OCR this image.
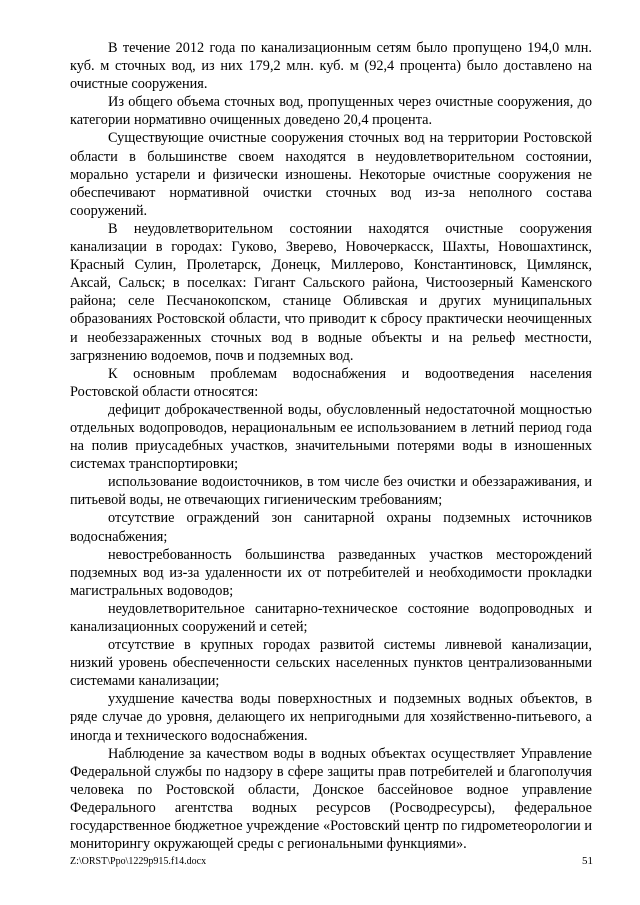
В течение 2012 года по канализационным сетям было пропущено 194,0 млн. куб. м сточных вод, из них 179,2 млн. куб. м (92,4 процента) было доставлено на очистные сооружения.

Из общего объема сточных вод, пропущенных через очистные сооружения, до категории нормативно очищенных доведено 20,4 процента.

Существующие очистные сооружения сточных вод на территории Ростовской области в большинстве своем находятся в неудовлетворительном состоянии, морально устарели и физически изношены. Некоторые очистные сооружения не обеспечивают нормативной очистки сточных вод из-за неполного состава сооружений.

В неудовлетворительном состоянии находятся очистные сооружения канализации в городах: Гуково, Зверево, Новочеркасск, Шахты, Новошахтинск, Красный Сулин, Пролетарск, Донецк, Миллерово, Константиновск, Цимлянск, Аксай, Сальск; в поселках: Гигант Сальского района, Чистоозерный Каменского района; селе Песчанокопском, станице Обливская и других муниципальных образованиях Ростовской области, что приводит к сбросу практически неочищенных и необеззараженных сточных вод в водные объекты и на рельеф местности, загрязнению водоемов, почв и подземных вод.

К основным проблемам водоснабжения и водоотведения населения Ростовской области относятся:

дефицит доброкачественной воды, обусловленный недостаточной мощностью отдельных водопроводов, нерациональным ее использованием в летний период года на полив приусадебных участков, значительными потерями воды в изношенных системах транспортировки;

использование водоисточников, в том числе без очистки и обеззараживания, и питьевой воды, не отвечающих гигиеническим требованиям;

отсутствие ограждений зон санитарной охраны подземных источников водоснабжения;

невостребованность большинства разведанных участков месторождений подземных вод из-за удаленности их от потребителей и необходимости прокладки магистральных водоводов;

неудовлетворительное санитарно-техническое состояние водопроводных и канализационных сооружений и сетей;

отсутствие в крупных городах развитой системы ливневой канализации, низкий уровень обеспеченности сельских населенных пунктов централизованными системами канализации;

ухудшение качества воды поверхностных и подземных водных объектов, в ряде случае до уровня, делающего их непригодными для хозяйственно-питьевого, а иногда и технического водоснабжения.

Наблюдение за качеством воды в водных объектах осуществляет Управление Федеральной службы по надзору в сфере защиты прав потребителей и благополучия человека по Ростовской области, Донское бассейновое водное управление Федерального агентства водных ресурсов (Росводресурсы), федеральное государственное бюджетное учреждение «Ростовский центр по гидрометеорологии и мониторингу окружающей среды с региональными функциями».

Z:\ORST\Ppo\1229p915.f14.docx	51
